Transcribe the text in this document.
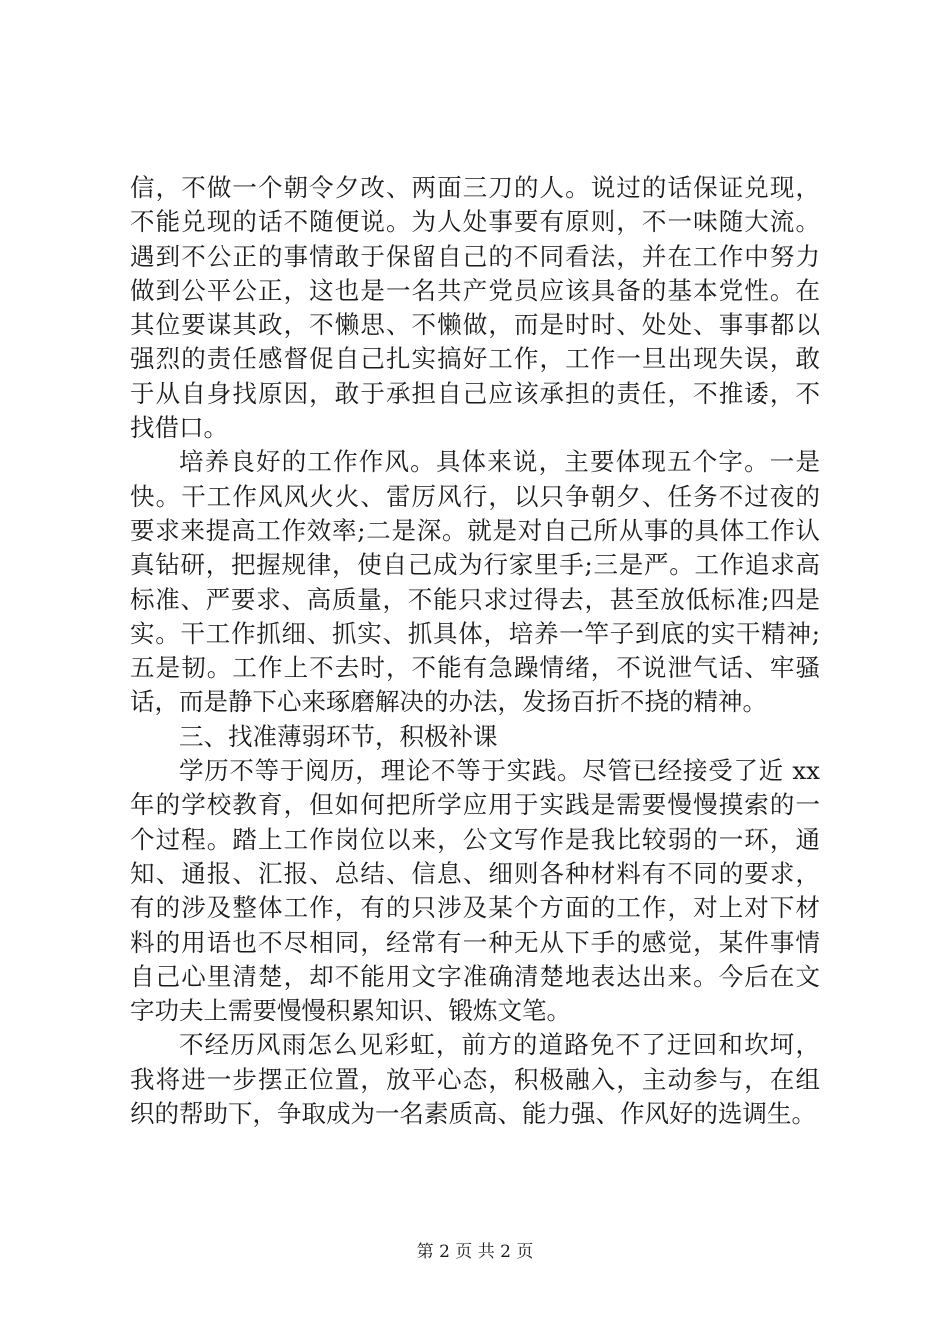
信，不做一个朝令夕改、两面三刀的人。说过的话保证兑现，
不能兑现的话不随便说。为人处事要有原则，不一味随大流。
遇到不公正的事情敢于保留自己的不同看法，并在工作中努力
做到公平公正，这也是一名共产党员应该具备的基本党性。在
其位要谋其政，不懒思、不懒做，而是时时、处处、事事都以
强烈的责任感督促自己扎实搞好工作，工作一旦出现失误，敢
于从自身找原因，敢于承担自己应该承担的责任，不推诿，不
找借口。
培养良好的工作作风。具体来说，主要体现五个字。一是
快。干工作风风火火、雷厉风行，以只争朝夕、任务不过夜的
要求来提高工作效率;二是深。就是对自己所从事的具体工作认
真钻研，把握规律，使自己成为行家里手;三是严。工作追求高
标准、严要求、高质量，不能只求过得去，甚至放低标准;四是
实。干工作抓细、抓实、抓具体，培养一竿子到底的实干精神;
五是韧。工作上不去时，不能有急躁情绪，不说泄气话、牢骚
话，而是静下心来琢磨解决的办法，发扬百折不挠的精神。
三、找准薄弱环节，积极补课
学历不等于阅历，理论不等于实践。尽管已经接受了近 xx
年的学校教育，但如何把所学应用于实践是需要慢慢摸索的一
个过程。踏上工作岗位以来，公文写作是我比较弱的一环，通
知、通报、汇报、总结、信息、细则各种材料有不同的要求，
有的涉及整体工作，有的只涉及某个方面的工作，对上对下材
料的用语也不尽相同，经常有一种无从下手的感觉，某件事情
自己心里清楚，却不能用文字准确清楚地表达出来。今后在文
字功夫上需要慢慢积累知识、锻炼文笔。
不经历风雨怎么见彩虹，前方的道路免不了迂回和坎坷，
我将进一步摆正位置，放平心态，积极融入，主动参与，在组
织的帮助下，争取成为一名素质高、能力强、作风好的选调生。
第 2 页 共 2 页
